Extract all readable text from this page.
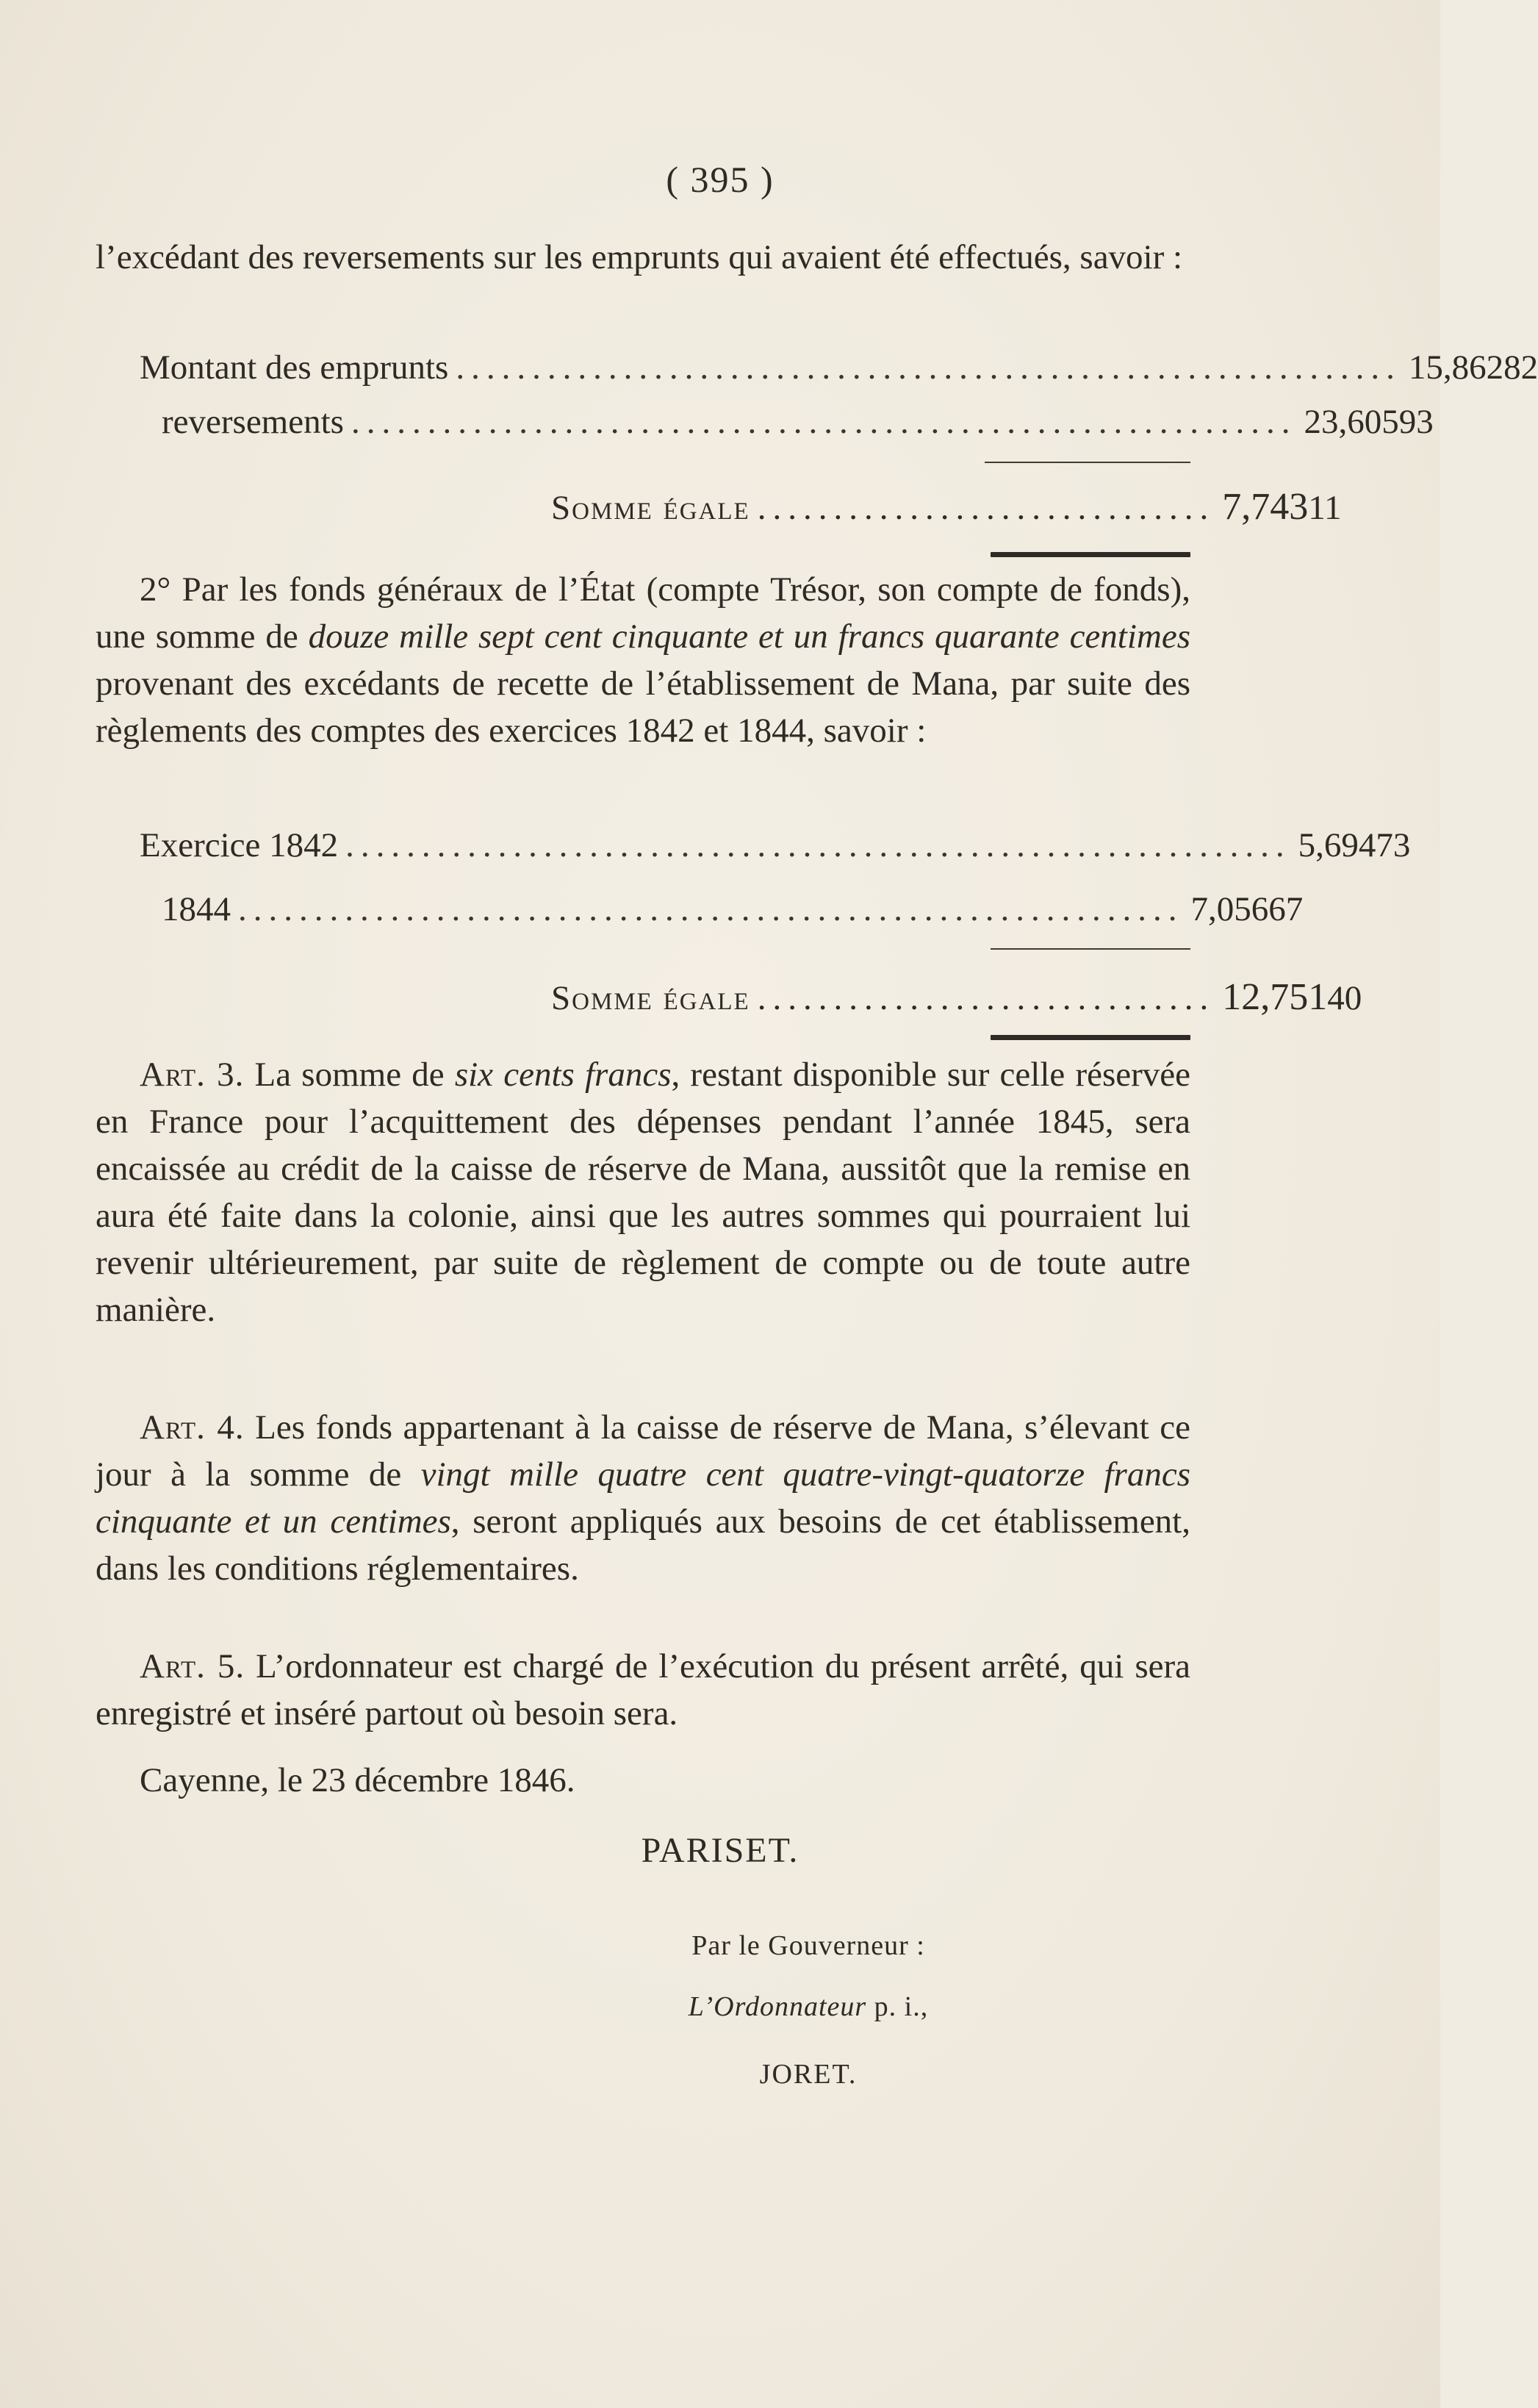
( 395 )

l’excédant des reversements sur les emprunts qui avaient été effectués, savoir :

Montant des emprunts .............................................................. 15,862 82
reversements .............................................................. 23,605 93
Somme égale .............................. 7,743 11

2° Par les fonds généraux de l’État (compte Trésor, son compte de fonds), une somme de douze mille sept cent cinquante et un francs quarante centimes provenant des excédants de recette de l’établissement de Mana, par suite des règlements des comptes des exercices 1842 et 1844, savoir :

Exercice 1842 .............................................................. 5,694 73
1844 .............................................................. 7,056 67
Somme égale .............................. 12,751 40

Art. 3. La somme de six cents francs, restant disponible sur celle réservée en France pour l’acquittement des dépenses pendant l’année 1845, sera encaissée au crédit de la caisse de réserve de Mana, aussitôt que la remise en aura été faite dans la colonie, ainsi que les autres sommes qui pourraient lui revenir ultérieurement, par suite de règlement de compte ou de toute autre manière.

Art. 4. Les fonds appartenant à la caisse de réserve de Mana, s’élevant ce jour à la somme de vingt mille quatre cent quatre-vingt-quatorze francs cinquante et un centimes, seront appliqués aux besoins de cet établissement, dans les conditions réglementaires.

Art. 5. L’ordonnateur est chargé de l’exécution du présent arrêté, qui sera enregistré et inséré partout où besoin sera.

Cayenne, le 23 décembre 1846.

PARISET.
Par le Gouverneur :
L’Ordonnateur p. i.,
JORET.
